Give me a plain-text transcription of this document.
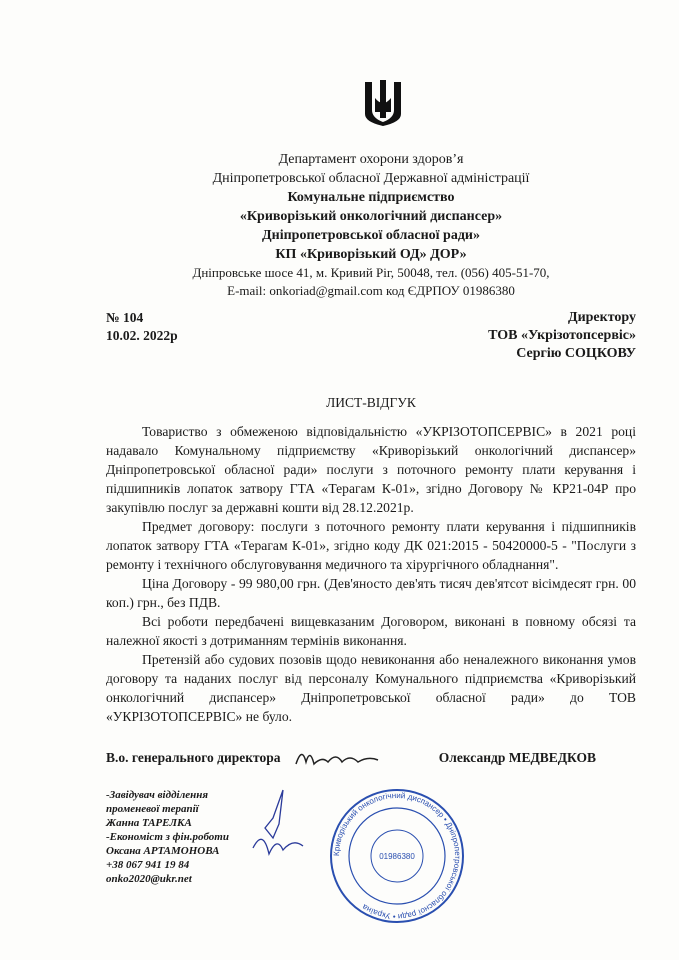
Департамент охорони здоров’я
Дніпропетровської обласної Державної адміністрації
Комунальне підприємство
«Криворізький онкологічний диспансер»
Дніпропетровської обласної ради»
КП «Криворізький ОД» ДОР»
Дніпровське шосе 41, м. Кривий Ріг, 50048, тел. (056) 405-51-70,
E-mail: onkoriad@gmail.com код ЄДРПОУ 01986380
№ 104
10.02. 2022р
Директору
ТОВ «Укрізотопсервіс»
Сергію СОЦКОВУ
ЛИСТ-ВІДГУК

Товариство з обмеженою відповідальністю «УКРІЗОТОПСЕРВІС» в 2021 році надавало Комунальному підприємству «Криворізький онкологічний диспансер» Дніпропетровської обласної ради» послуги з поточного ремонту плати керування і підшипників лопаток затвору ГТА «Терагам К-01», згідно Договору № КР21-04Р про закупівлю послуг за державні кошти від 28.12.2021р.

Предмет договору: послуги з поточного ремонту плати керування і підшипників лопаток затвору ГТА «Терагам К-01», згідно коду ДК 021:2015 - 50420000-5 - "Послуги з ремонту і технічного обслуговування медичного та хірургічного обладнання".

Ціна Договору - 99 980,00 грн. (Дев'яносто дев'ять тисяч дев'ятсот вісімдесят грн. 00 коп.) грн., без ПДВ.

Всі роботи передбачені вищевказаним Договором, виконані в повному обсязі та належної якості з дотриманням термінів виконання.

Претензій або судових позовів щодо невиконання або неналежного виконання умов договору та наданих послуг від персоналу Комунального підприємства «Криворізький онкологічний диспансер» Дніпропетровської обласної ради» до ТОВ «УКРІЗОТОПСЕРВІС» не було.

В.о. генерального директора	Олександр МЕДВЕДКОВ
-Завідувач відділення
променевої терапії
Жанна ТАРЕЛКА
-Економіст з фін.роботи
Оксана АРТАМОНОВА
+38 067 941 19 84
onko2020@ukr.net
Криворізький онкологічний диспансер • Дніпропетровської обласної ради • Україна
01986380
